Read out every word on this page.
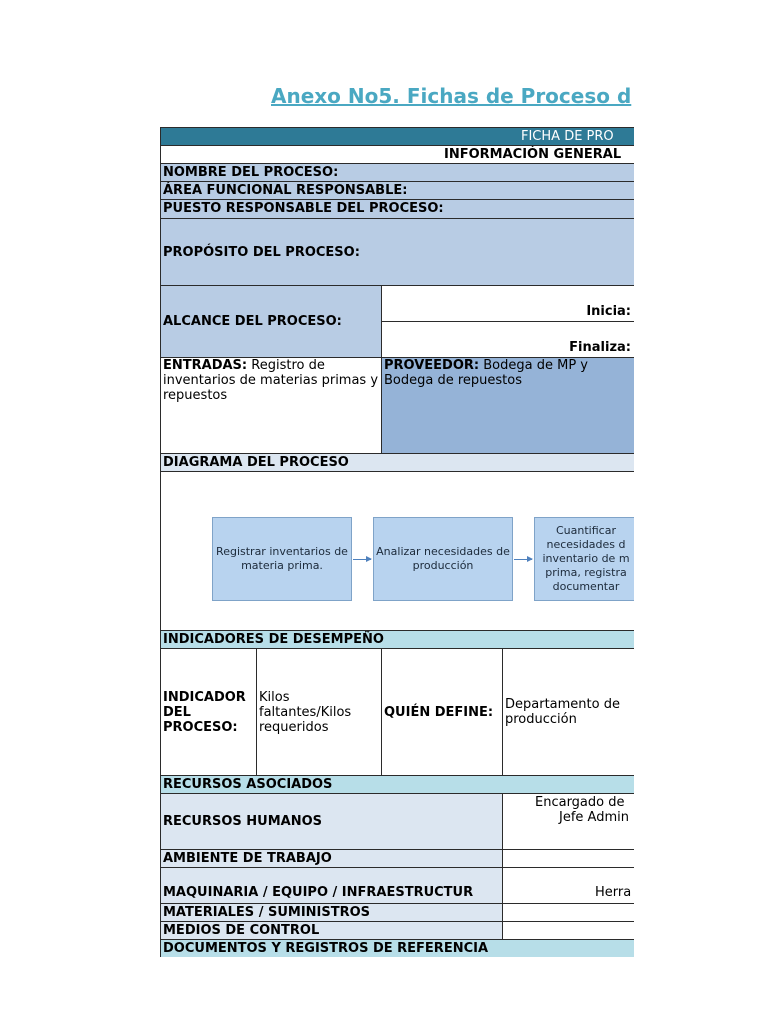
Anexo No5. Fichas de Proceso d
FICHA DE PRO
INFORMACIÓN GENERAL
NOMBRE DEL PROCESO:
ÁREA FUNCIONAL RESPONSABLE:
PUESTO RESPONSABLE DEL PROCESO:
PROPÓSITO DEL PROCESO:
ALCANCE DEL PROCESO:
Inicia:
Finaliza:
ENTRADAS: Registro de inventarios de materias primas y repuestos
PROVEEDOR: Bodega de MP y Bodega de repuestos
DIAGRAMA DEL PROCESO
Registrar inventarios de materia prima.
Analizar necesidades de producción
Cuantificar necesidades d inventario de m prima, registra documentar
INDICADORES DE DESEMPEÑO
INDICADOR DEL PROCESO:
Kilos faltantes/Kilos requeridos
QUIÉN DEFINE: Departamento de producción
RECURSOS ASOCIADOS
RECURSOS HUMANOS
Encargado de
Jefe Admin
AMBIENTE DE TRABAJO
MAQUINARIA / EQUIPO / INFRAESTRUCTUR	Herra
MATERIALES / SUMINISTROS
MEDIOS DE CONTROL
DOCUMENTOS Y REGISTROS DE REFERENCIA
